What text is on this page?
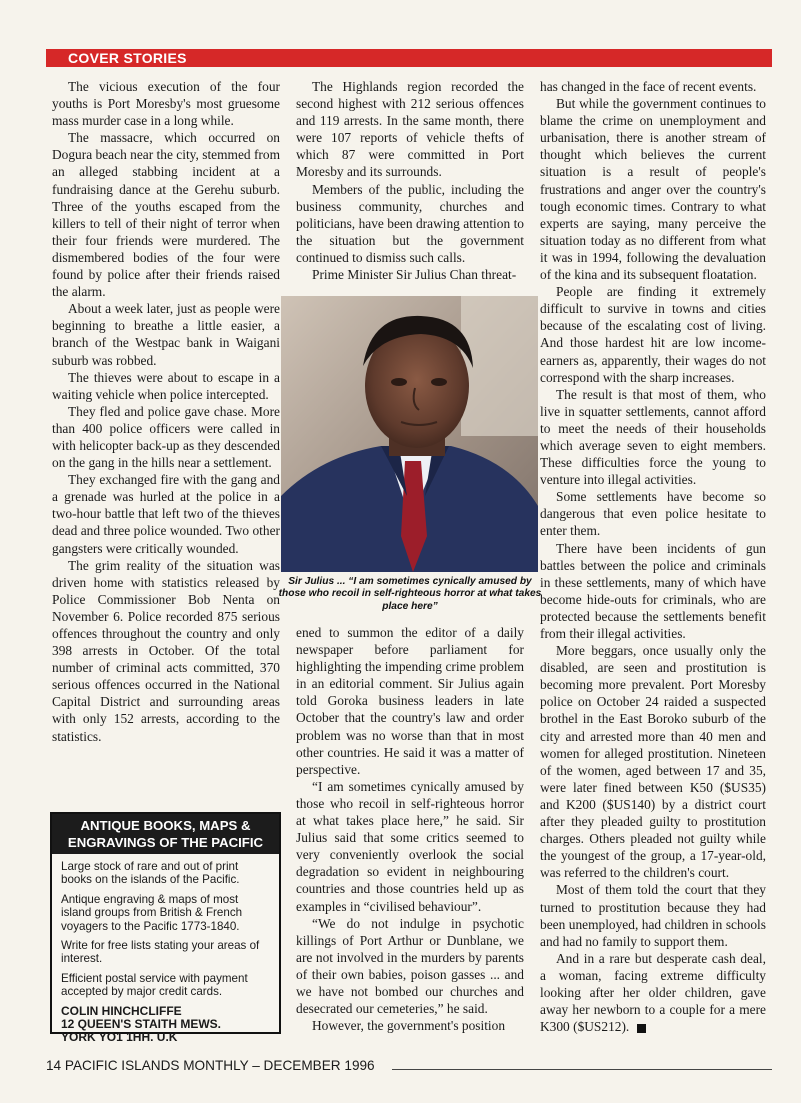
COVER STORIES

The vicious execution of the four youths is Port Moresby's most gruesome mass murder case in a long while.

The massacre, which occurred on Dogura beach near the city, stemmed from an alleged stabbing incident at a fundraising dance at the Gerehu suburb. Three of the youths escaped from the killers to tell of their night of terror when their four friends were murdered. The dismembered bodies of the four were found by police after their friends raised the alarm.

About a week later, just as people were beginning to breathe a little easier, a branch of the Westpac bank in Waigani suburb was robbed.

The thieves were about to escape in a waiting vehicle when police intercepted.

They fled and police gave chase. More than 400 police officers were called in with helicopter back-up as they descended on the gang in the hills near a settlement.

They exchanged fire with the gang and a grenade was hurled at the police in a two-hour battle that left two of the thieves dead and three police wounded. Two other gangsters were critically wounded.

The grim reality of the situation was driven home with statistics released by Police Commissioner Bob Nenta on November 6. Police recorded 875 serious offences throughout the country and only 398 arrests in October. Of the total number of criminal acts committed, 370 serious offences occurred in the National Capital District and surrounding areas with only 152 arrests, according to the statistics.

The Highlands region recorded the second highest with 212 serious offences and 119 arrests. In the same month, there were 107 reports of vehicle thefts of which 87 were committed in Port Moresby and its surrounds.

Members of the public, including the business community, churches and politicians, have been drawing attention to the situation but the government continued to dismiss such calls.

Prime Minister Sir Julius Chan threat-

Sir Julius ... “I am sometimes cynically amused by those who recoil in self-righteous horror at what takes place here”

ened to summon the editor of a daily newspaper before parliament for highlighting the impending crime problem in an editorial comment. Sir Julius again told Goroka business leaders in late October that the country's law and order problem was no worse than that in most other countries. He said it was a matter of perspective.

“I am sometimes cynically amused by those who recoil in self-righteous horror at what takes place here,” he said. Sir Julius said that some critics seemed to very conveniently overlook the social degradation so evident in neighbouring countries and those countries held up as examples in “civilised behaviour”.

“We do not indulge in psychotic killings of Port Arthur or Dunblane, we are not involved in the murders by parents of their own babies, poison gasses ... and we have not bombed our churches and desecrated our cemeteries,” he said.

However, the government's position

has changed in the face of recent events.

But while the government continues to blame the crime on unemployment and urbanisation, there is another stream of thought which believes the current situation is a result of people's frustrations and anger over the country's tough economic times. Contrary to what experts are saying, many perceive the situation today as no different from what it was in 1994, following the devaluation of the kina and its subsequent floatation.

People are finding it extremely difficult to survive in towns and cities because of the escalating cost of living. And those hardest hit are low income-earners as, apparently, their wages do not correspond with the sharp increases.

The result is that most of them, who live in squatter settlements, cannot afford to meet the needs of their households which average seven to eight members. These difficulties force the young to venture into illegal activities.

Some settlements have become so dangerous that even police hesitate to enter them.

There have been incidents of gun battles between the police and criminals in these settlements, many of which have become hide-outs for criminals, who are protected because the settlements benefit from their illegal activities.

More beggars, once usually only the disabled, are seen and prostitution is becoming more prevalent. Port Moresby police on October 24 raided a suspected brothel in the East Boroko suburb of the city and arrested more than 40 men and women for alleged prostitution. Nineteen of the women, aged between 17 and 35, were later fined between K50 ($US35) and K200 ($US140) by a district court after they pleaded guilty to prostitution charges. Others pleaded not guilty while the youngest of the group, a 17-year-old, was referred to the children's court.

Most of them told the court that they turned to prostitution because they had been unemployed, had children in schools and had no family to support them.

And in a rare but desperate cash deal, a woman, facing extreme difficulty looking after her older children, gave away her newborn to a couple for a mere K300 ($US212).

ANTIQUE BOOKS, MAPS & ENGRAVINGS OF THE PACIFIC

Large stock of rare and out of print books on the islands of the Pacific.

Antique engraving & maps of most island groups from British & French voyagers to the Pacific 1773-1840.

Write for free lists stating your areas of interest.

Efficient postal service with payment accepted by major credit cards.

COLIN HINCHCLIFFE
12 QUEEN'S STAITH MEWS.
YORK YO1 1HH. U.K
14 PACIFIC ISLANDS MONTHLY – DECEMBER 1996
